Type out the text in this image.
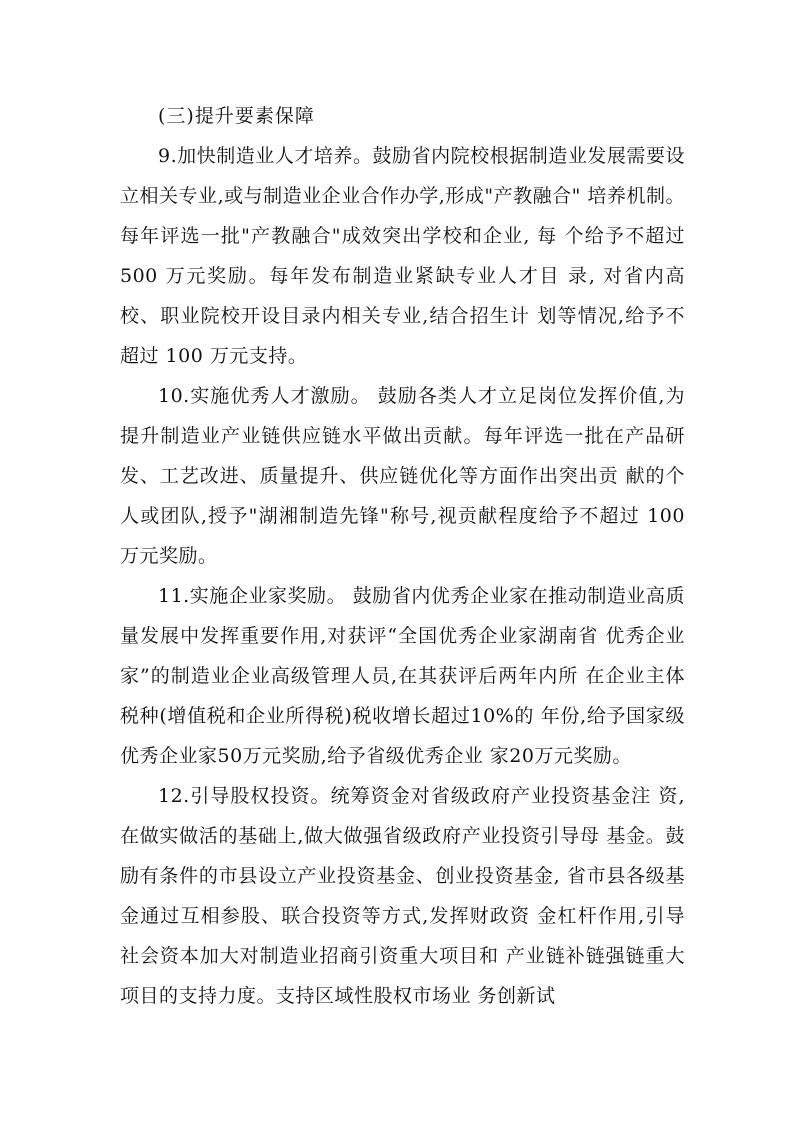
(三)提升要素保障

9.加快制造业人才培养。鼓励省内院校根据制造业发展需要设立相关专业,或与制造业企业合作办学,形成"产教融合" 培养机制。每年评选一批"产教融合"成效突出学校和企业, 每 个给予不超过 500 万元奖励。每年发布制造业紧缺专业人才目 录, 对省内高校、职业院校开设目录内相关专业,结合招生计 划等情况,给予不超过 100 万元支持。

10.实施优秀人才激励。 鼓励各类人才立足岗位发挥价值,为提升制造业产业链供应链水平做出贡献。每年评选一批在产品研发、工艺改进、质量提升、供应链优化等方面作出突出贡 献的个人或团队,授予"湖湘制造先锋"称号,视贡献程度给予不超过 100 万元奖励。

11.实施企业家奖励。 鼓励省内优秀企业家在推动制造业高质量发展中发挥重要作用,对获评“全国优秀企业家湖南省 优秀企业家”的制造业企业高级管理人员,在其获评后两年内所 在企业主体税种(增值税和企业所得税)税收增长超过10%的 年份,给予国家级优秀企业家50万元奖励,给予省级优秀企业 家20万元奖励。

12.引导股权投资。统筹资金对省级政府产业投资基金注 资,在做实做活的基础上,做大做强省级政府产业投资引导母 基金。鼓励有条件的市县设立产业投资基金、创业投资基金, 省市县各级基金通过互相参股、联合投资等方式,发挥财政资 金杠杆作用,引导社会资本加大对制造业招商引资重大项目和 产业链补链强链重大项目的支持力度。支持区域性股权市场业 务创新试
